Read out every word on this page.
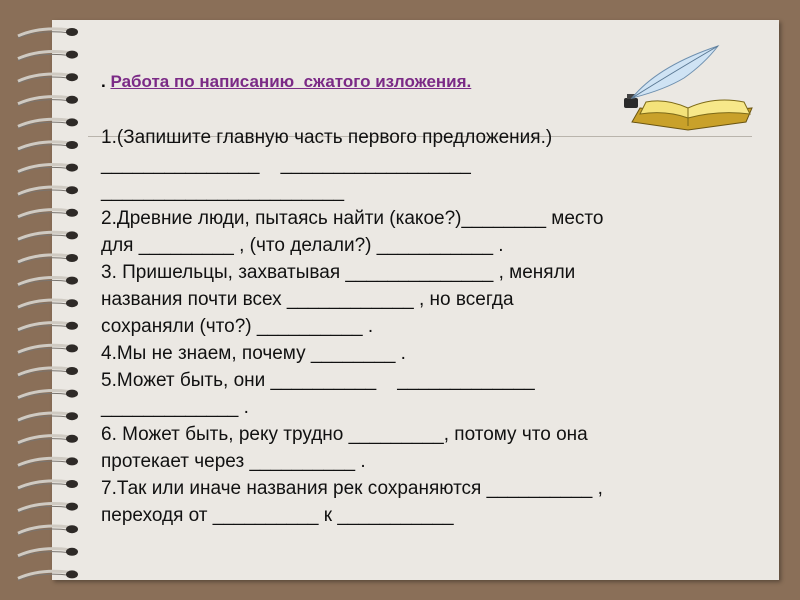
. Работа по написанию  сжатого изложения.
1.(Запишите главную часть первого предложения.)
_______________    __________________
_______________________
2.Древние люди, пытаясь найти (какое?)________ место
для _________ , (что делали?) ___________ .
3. Пришельцы, захватывая ______________ , меняли
названия почти всех ____________ , но всегда
сохраняли (что?) __________ .
4.Мы не знаем, почему ________ .
5.Может быть, они __________    _____________
_____________ .
6. Может быть, реку трудно _________, потому что она
протекает через __________ .
7.Так или иначе названия рек сохраняются __________ ,
переходя от __________ к ___________
